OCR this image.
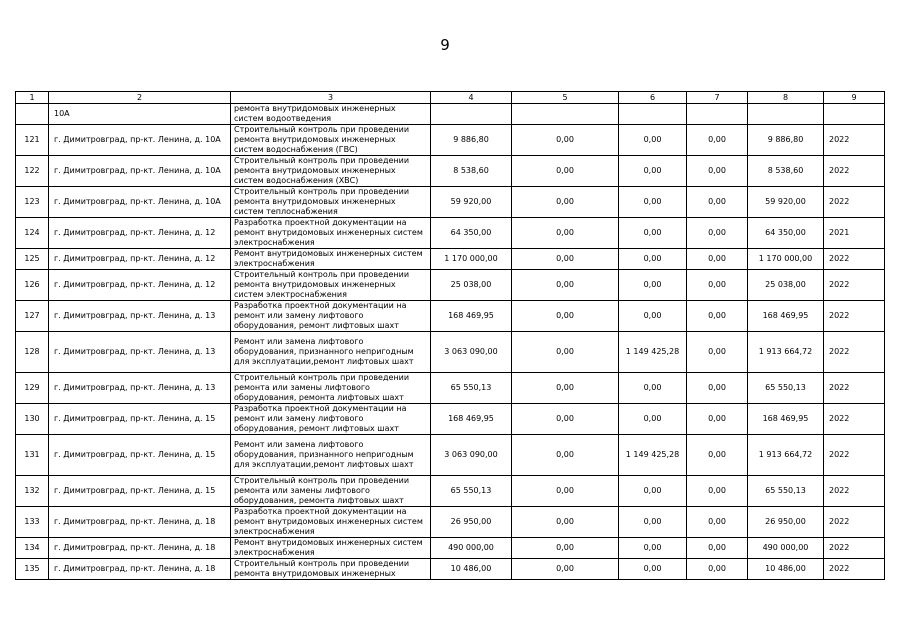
9
1	2	3	4	5	6	7	8	9
	10А	ремонта внутридомовых инженерных систем водоотведения						
121	г. Димитровград, пр-кт. Ленина, д. 10А	Строительный контроль при проведении ремонта внутридомовых инженерных систем водоснабжения (ГВС)	9 886,80	0,00	0,00	0,00	9 886,80	2022
122	г. Димитровград, пр-кт. Ленина, д. 10А	Строительный контроль при проведении ремонта внутридомовых инженерных систем водоснабжения (ХВС)	8 538,60	0,00	0,00	0,00	8 538,60	2022
123	г. Димитровград, пр-кт. Ленина, д. 10А	Строительный контроль при проведении ремонта внутридомовых инженерных систем теплоснабжения	59 920,00	0,00	0,00	0,00	59 920,00	2022
124	г. Димитровград, пр-кт. Ленина, д. 12	Разработка проектной документации на ремонт внутридомовых инженерных систем электроснабжения	64 350,00	0,00	0,00	0,00	64 350,00	2021
125	г. Димитровград, пр-кт. Ленина, д. 12	Ремонт внутридомовых инженерных систем электроснабжения	1 170 000,00	0,00	0,00	0,00	1 170 000,00	2022
126	г. Димитровград, пр-кт. Ленина, д. 12	Строительный контроль при проведении ремонта внутридомовых инженерных систем электроснабжения	25 038,00	0,00	0,00	0,00	25 038,00	2022
127	г. Димитровград, пр-кт. Ленина, д. 13	Разработка проектной документации на ремонт или замену лифтового оборудования, ремонт лифтовых шахт	168 469,95	0,00	0,00	0,00	168 469,95	2022
128	г. Димитровград, пр-кт. Ленина, д. 13	Ремонт или замена лифтового оборудования, признанного непригодным для эксплуатации,ремонт лифтовых шахт	3 063 090,00	0,00	1 149 425,28	0,00	1 913 664,72	2022
129	г. Димитровград, пр-кт. Ленина, д. 13	Строительный контроль при проведении ремонта или замены лифтового оборудования, ремонта лифтовых шахт	65 550,13	0,00	0,00	0,00	65 550,13	2022
130	г. Димитровград, пр-кт. Ленина, д. 15	Разработка проектной документации на ремонт или замену лифтового оборудования, ремонт лифтовых шахт	168 469,95	0,00	0,00	0,00	168 469,95	2022
131	г. Димитровград, пр-кт. Ленина, д. 15	Ремонт или замена лифтового оборудования, признанного непригодным для эксплуатации,ремонт лифтовых шахт	3 063 090,00	0,00	1 149 425,28	0,00	1 913 664,72	2022
132	г. Димитровград, пр-кт. Ленина, д. 15	Строительный контроль при проведении ремонта или замены лифтового оборудования, ремонта лифтовых шахт	65 550,13	0,00	0,00	0,00	65 550,13	2022
133	г. Димитровград, пр-кт. Ленина, д. 18	Разработка проектной документации на ремонт внутридомовых инженерных систем электроснабжения	26 950,00	0,00	0,00	0,00	26 950,00	2022
134	г. Димитровград, пр-кт. Ленина, д. 18	Ремонт внутридомовых инженерных систем электроснабжения	490 000,00	0,00	0,00	0,00	490 000,00	2022
135	г. Димитровград, пр-кт. Ленина, д. 18	Строительный контроль при проведении ремонта внутридомовых инженерных	10 486,00	0,00	0,00	0,00	10 486,00	2022
